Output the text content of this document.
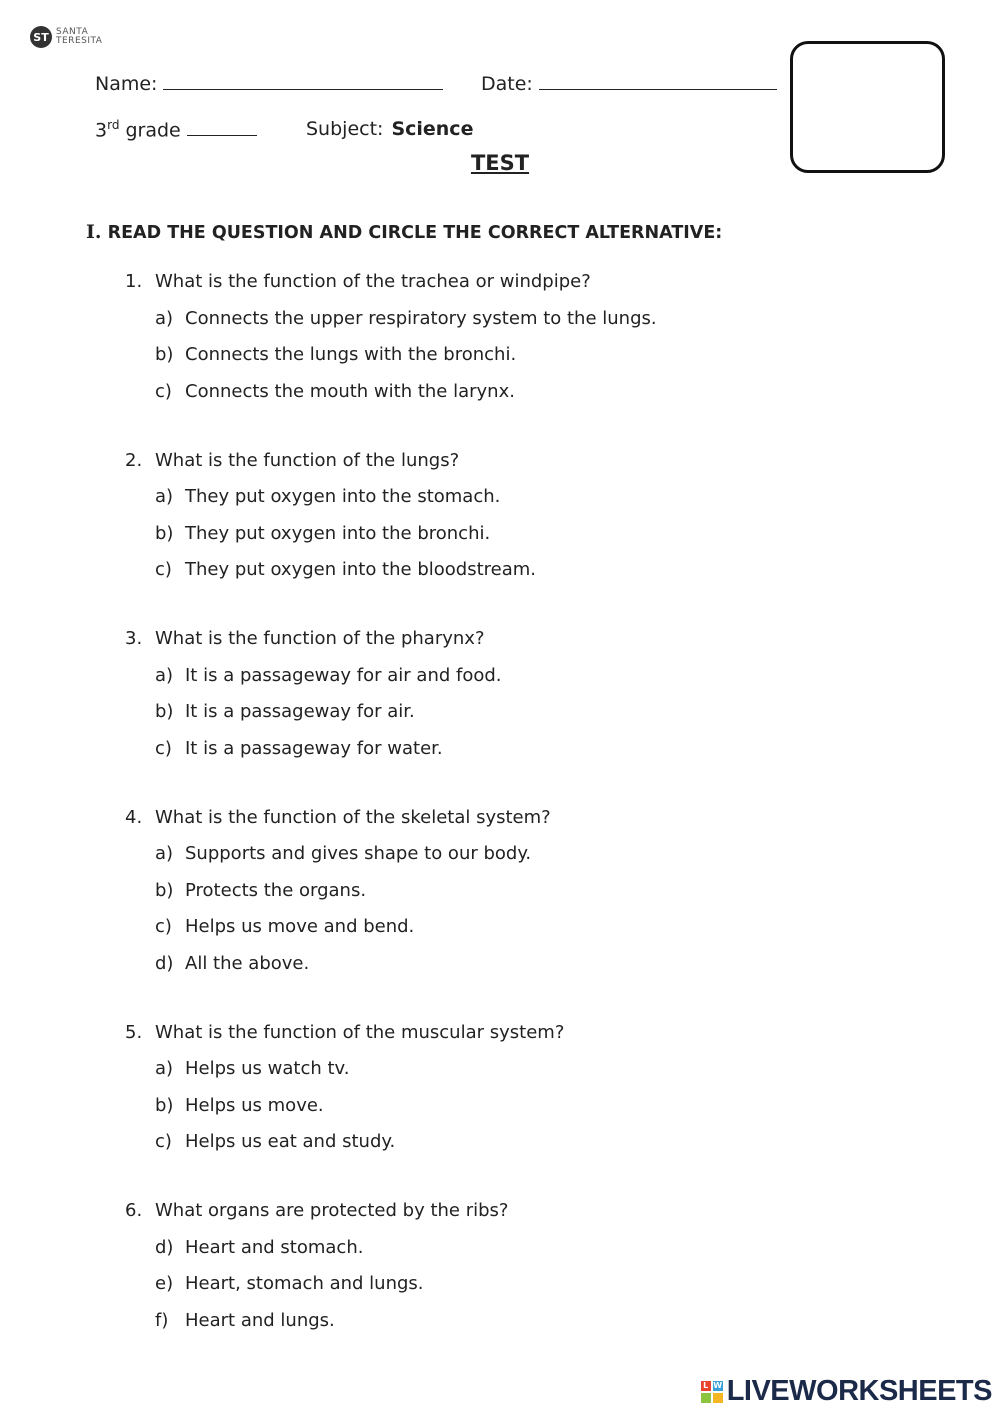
ST SANTA TERESITA
Name:	Date:
3rd grade	Subject: Science
TEST
I. READ THE QUESTION AND CIRCLE THE CORRECT ALTERNATIVE:
1. What is the function of the trachea or windpipe?
a) Connects the upper respiratory system to the lungs.
b) Connects the lungs with the bronchi.
c) Connects the mouth with the larynx.
2. What is the function of the lungs?
a) They put oxygen into the stomach.
b) They put oxygen into the bronchi.
c) They put oxygen into the bloodstream.
3. What is the function of the pharynx?
a) It is a passageway for air and food.
b) It is a passageway for air.
c) It is a passageway for water.
4. What is the function of the skeletal system?
a) Supports and gives shape to our body.
b) Protects the organs.
c) Helps us move and bend.
d) All the above.
5. What is the function of the muscular system?
a) Helps us watch tv.
b) Helps us move.
c) Helps us eat and study.
6. What organs are protected by the ribs?
d) Heart and stomach.
e) Heart, stomach and lungs.
f) Heart and lungs.
L W LIVEWORKSHEETS
